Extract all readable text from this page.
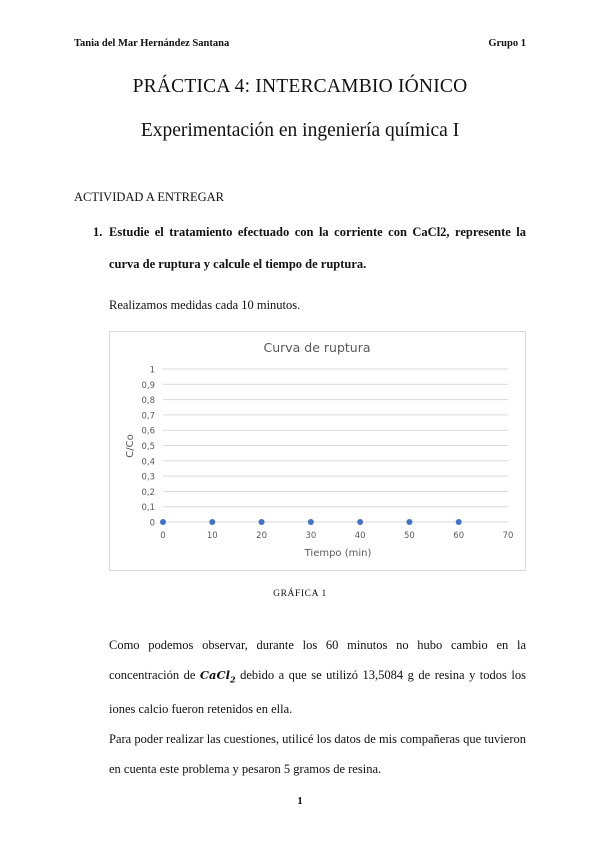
Tania del Mar Hernández Santana	Grupo 1
PRÁCTICA 4: INTERCAMBIO IÓNICO
Experimentación en ingeniería química I
ACTIVIDAD A ENTREGAR
1. Estudie el tratamiento efectuado con la corriente con CaCl2, represente la curva de ruptura y calcule el tiempo de ruptura.
Realizamos medidas cada 10 minutos.
Curva de ruptura
0
0,1
0,2
0,3
0,4
0,5
0,6
0,7
0,8
0,9
1
0	10	20	30	40	50	60	70
Tiempo (min)
C/Co
GRÁFICA 1

Como podemos observar, durante los 60 minutos no hubo cambio en la

concentración de CaCl$_2$ debido a que se utilizó 13,5084 g de resina y todos los

iones calcio fueron retenidos en ella.

Para poder realizar las cuestiones, utilicé los datos de mis compañeras que tuvieron en cuenta este problema y pesaron 5 gramos de resina.

1
